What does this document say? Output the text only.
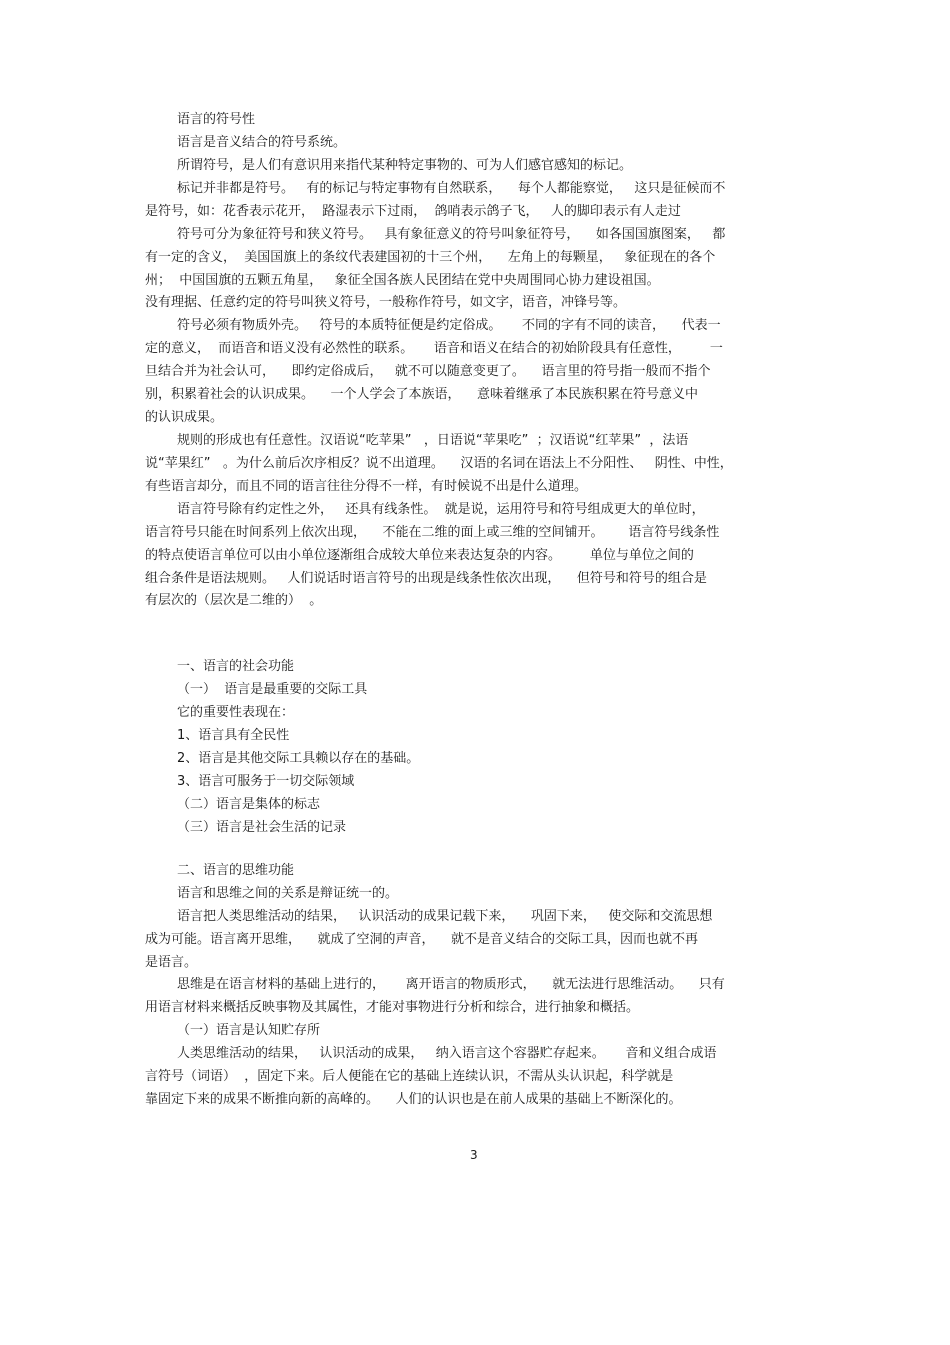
语言的符号性
语言是音义结合的符号系统。
所谓符号，是人们有意识用来指代某种特定事物的、可为人们感官感知的标记。
标记并非都是符号。   有的标记与特定事物有自然联系，    每个人都能察觉，   这只是征候而不
是符号，如：花香表示花开，  路湿表示下过雨，  鸽哨表示鸽子飞，   人的脚印表示有人走过
符号可分为象征符号和狭义符号。   具有象征意义的符号叫象征符号，    如各国国旗图案，   都
有一定的含义，  美国国旗上的条纹代表建国初的十三个州，    左角上的每颗星，   象征现在的各个
州；  中国国旗的五颗五角星，   象征全国各族人民团结在党中央周围同心协力建设祖国。
没有理据、任意约定的符号叫狭义符号，一般称作符号，如文字，语音，冲锋号等。
符号必须有物质外壳。   符号的本质特征便是约定俗成。     不同的字有不同的读音，    代表一
定的意义，  而语音和语义没有必然性的联系。     语音和语义在结合的初始阶段具有任意性，       一
旦结合并为社会认可，    即约定俗成后，   就不可以随意变更了。    语言里的符号指一般而不指个
别，积累着社会的认识成果。    一个人学会了本族语，    意味着继承了本民族积累在符号意义中
的认识成果。
规则的形成也有任意性。汉语说“吃苹果”   ，日语说“苹果吃”  ；汉语说“红苹果”  ，法语
说“苹果红”   。为什么前后次序相反？说不出道理。    汉语的名词在语法上不分阳性、   阴性、中性，
有些语言却分，而且不同的语言往往分得不一样，有时候说不出是什么道理。
语言符号除有约定性之外，   还具有线条性。  就是说，运用符号和符号组成更大的单位时，
语言符号只能在时间系列上依次出现，    不能在二维的面上或三维的空间铺开。      语言符号线条性
的特点使语言单位可以由小单位逐渐组合成较大单位来表达复杂的内容。       单位与单位之间的
组合条件是语法规则。   人们说话时语言符号的出现是线条性依次出现，    但符号和符号的组合是
有层次的（层次是二维的）  。
一、语言的社会功能
（一）  语言是最重要的交际工具
它的重要性表现在：
1、语言具有全民性
2、语言是其他交际工具赖以存在的基础。
3、语言可服务于一切交际领域
（二）语言是集体的标志
（三）语言是社会生活的记录
二、语言的思维功能
语言和思维之间的关系是辩证统一的。
语言把人类思维活动的结果，   认识活动的成果记载下来，    巩固下来，   使交际和交流思想
成为可能。语言离开思维，    就成了空洞的声音，    就不是音义结合的交际工具，因而也就不再
是语言。
思维是在语言材料的基础上进行的，     离开语言的物质形式，    就无法进行思维活动。    只有
用语言材料来概括反映事物及其属性，才能对事物进行分析和综合，进行抽象和概括。
（一）语言是认知贮存所
人类思维活动的结果，   认识活动的成果，   纳入语言这个容器贮存起来。     音和义组合成语
言符号（词语）  ，固定下来。后人便能在它的基础上连续认识，不需从头认识起，科学就是
靠固定下来的成果不断推向新的高峰的。    人们的认识也是在前人成果的基础上不断深化的。
3
